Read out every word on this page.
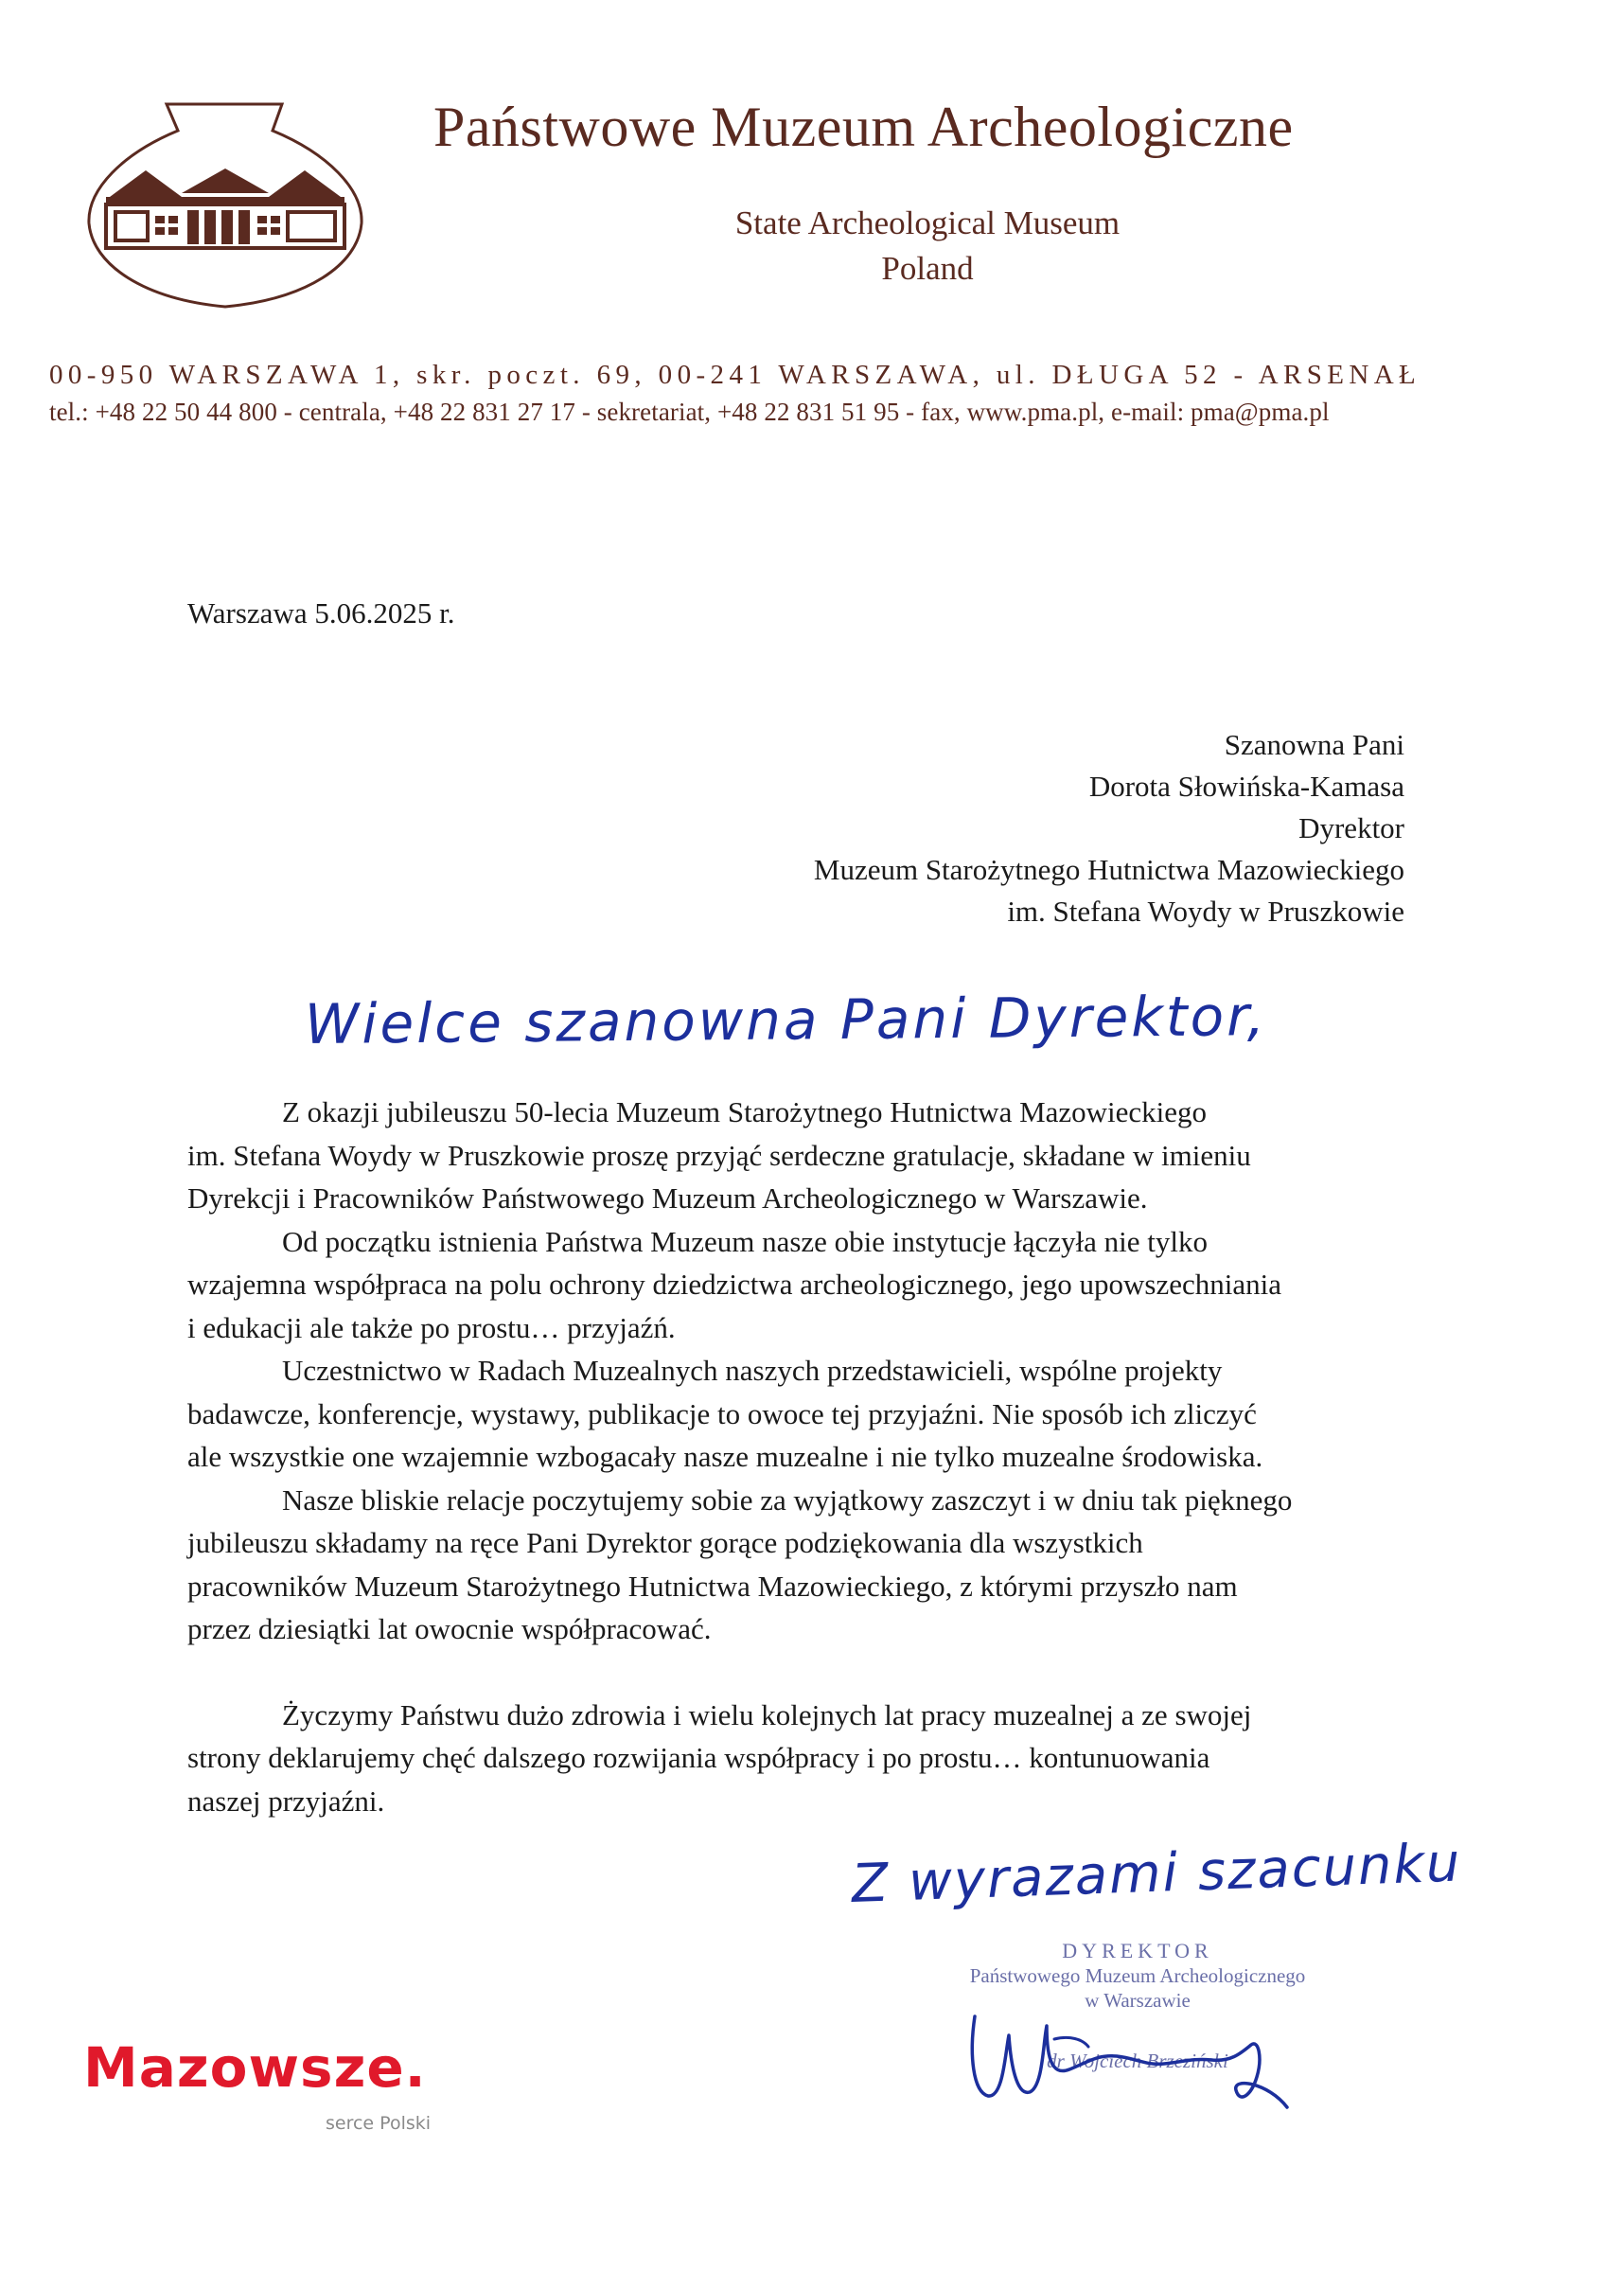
Państwowe Muzeum Archeologiczne
State Archeological Museum
Poland
00-950 WARSZAWA 1, skr. poczt. 69, 00-241 WARSZAWA, ul. DŁUGA 52 - ARSENAŁ
tel.: +48 22 50 44 800 - centrala, +48 22 831 27 17 - sekretariat, +48 22 831 51 95 - fax, www.pma.pl, e-mail: pma@pma.pl
Warszawa 5.06.2025 r.
Szanowna Pani
Dorota Słowińska-Kamasa
Dyrektor
Muzeum Starożytnego Hutnictwa Mazowieckiego
im. Stefana Woydy w Pruszkowie
Wielce szanowna Pani Dyrektor,
Z okazji jubileuszu 50-lecia Muzeum Starożytnego Hutnictwa Mazowieckiego
im. Stefana Woydy w Pruszkowie proszę przyjąć serdeczne gratulacje, składane w imieniu
Dyrekcji i Pracowników Państwowego Muzeum Archeologicznego w Warszawie.
Od początku istnienia Państwa Muzeum nasze obie instytucje łączyła nie tylko
wzajemna współpraca na polu ochrony dziedzictwa archeologicznego, jego upowszechniania
i edukacji ale także po prostu… przyjaźń.
Uczestnictwo w Radach Muzealnych naszych przedstawicieli, wspólne projekty
badawcze, konferencje, wystawy, publikacje to owoce tej przyjaźni. Nie sposób ich zliczyć
ale wszystkie one wzajemnie wzbogacały nasze muzealne i nie tylko muzealne środowiska.
Nasze bliskie relacje poczytujemy sobie za wyjątkowy zaszczyt i w dniu tak pięknego
jubileuszu składamy na ręce Pani Dyrektor gorące podziękowania dla wszystkich
pracowników Muzeum Starożytnego Hutnictwa Mazowieckiego, z którymi przyszło nam
przez dziesiątki lat owocnie współpracować.
Życzymy Państwu dużo zdrowia i wielu kolejnych lat pracy muzealnej a ze swojej
strony deklarujemy chęć dalszego rozwijania współpracy i po prostu… kontunuowania
naszej przyjaźni.
Z wyrazami szacunku
DYREKTOR
Państwowego Muzeum Archeologicznego
w Warszawie
dr Wojciech Brzeziński
Mazowsze.
serce Polski
